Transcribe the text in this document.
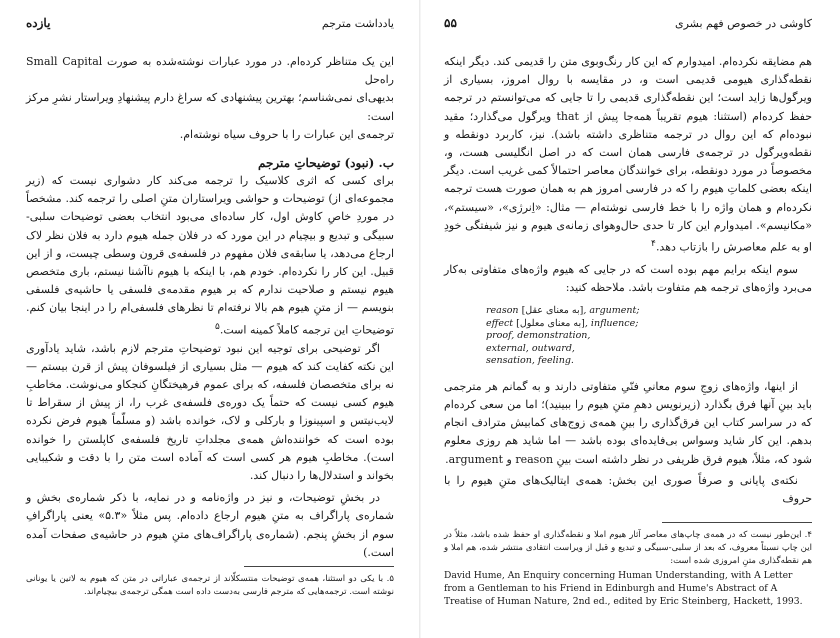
یادداشت مترجم
یازده

این یک متناظر کرده‌ام. در مورد عبارات نوشته‌شده به صورت Small Capital راه‌حل

بدیهی‌ای نمی‌شناسم؛ بهترین پیشنهادی که سراغ دارم پیشنهادِ ویراستار نشرِ مرکز است:

ترجمه‌ی این عبارات را با حروف سیاه نوشته‌ام.

ب. (نبود) توضیحاتِ مترجم

برای کسی که اثری کلاسیک را ترجمه می‌کند کار دشواری نیست که (زیر مجموعه‌ای از) توضیحات و حواشی ویراستاران متنِ اصلی را ترجمه کند. مشخصاً در موردِ خاصِ کاوش اول، کار ساده‌ای می‌بود انتخاب بعضی توضیحات سلبی-سبیگی و تبدیع و بیچیام در این مورد که در فلان جمله هیوم دارد به فلان نظر لاک ارجاع می‌دهد، یا سابقه‌ی فلان مفهوم در فلسفه‌ی قرون وسطی چیست، و از این قبیل. این کار را نکرده‌ام. خودم هم، با اینکه با هیوم ناآشنا نیستم، باری متخصص هیوم نیستم و صلاحیت ندارم که بر هیوم مقدمه‌ی فلسفی یا حاشیه‌ی فلسفی بنویسم — از متنِ هیوم هم بالا نرفته‌ام تا نظرهای فلسفی‌ام را در اینجا بیان کنم. توضیحاتِ این ترجمه کاملاً کمینه است.$^۵$

اگر توضیحی برای توجیه این نبود توضیحاتِ مترجم لازم باشد، شاید یادآوری این نکته کفایت کند که هیوم — مثل بسیاری از فیلسوفان پیش از قرن بیستم — نه برای متخصصان فلسفه، که برای عموم فرهیختگانِ کنجکاو می‌نوشت. مخاطبِ هیوم کسی نیست که حتماً یک دوره‌ی فلسفه‌ی غرب را، از پیش از سقراط تا لایب‌نیتس و اسپینوزا و بارکلی و لاک، خوانده باشد (و مسلّماً هیوم فرض نکرده بوده است که خواننده‌اش همه‌ی مجلداتِ تاریخ فلسفه‌ی کاپلستن را خوانده است). مخاطبِ هیوم هر کسی است که آماده است متن را با دقت و شکیبایی بخواند و استدلال‌ها را دنبال کند.

در بخشِ توضیحات، و نیز در واژه‌نامه و در نمایه، با ذکر شماره‌ی بخش و شماره‌ی پاراگراف به متنِ هیوم ارجاع داده‌ام. پس مثلاً «۵.۳» یعنی پاراگرافِ سوم از بخشِ پنجم. (شماره‌ی پاراگراف‌های متنِ هیوم در حاشیه‌ی صفحات آمده است.)

۵. با یکی دو استثنا، همه‌ی توضیحات منتسکلّاند از ترجمه‌ی عباراتی در متن که هیوم به لاتین یا یونانی نوشته است. ترجمه‌هایی که مترجم فارسی به‌دست داده است همگی ترجمه‌ی بیچیام‌اند.

کاوشی در خصوص فهم بشری
۵۵

هم مضایقه نکرده‌ام. امیدوارم که این کار رنگ‌وبوی متن را قدیمی کند. دیگر اینکه نقطه‌گذاری هیومی قدیمی است و، در مقایسه با روال امروز، بسیاری از ویرگول‌ها زاید است؛ این نقطه‌گذاری قدیمی را تا جایی که می‌توانستم در ترجمه حفظ کرده‌ام (استثنا: هیوم تقریباً همه‌جا پیش از that ویرگول می‌گذارد؛ مقید نبوده‌ام که این روال در ترجمه متناظری داشته باشد). نیز، کاربرد دونقطه و نقطه‌ویرگول در ترجمه‌ی فارسی همان است که در اصل انگلیسی هست، و، مخصوصاً در مورد دونقطه، برای خوانندگان معاصر احتمالاً کمی غریب است. دیگر اینکه بعضی کلماتِ هیوم را که در فارسی امروز هم به همان صورت هست ترجمه نکرده‌ام و همان واژه را با خط فارسی نوشته‌ام — مثال: «اِنرژی»، «سیستم»، «مکانیسم». امیدوارم این کار تا حدی حال‌وهوای زمانه‌ی هیوم و نیز شیفتگی خودِ او به علم معاصرش را بازتاب دهد.$^۴$

سوم اینکه برایم مهم بوده است که در جایی که هیوم واژه‌های متفاوتی به‌کار می‌برد واژه‌های ترجمه هم متفاوت باشد. ملاحظه کنید:

reason [به معنای عقل], argument;
effect [به معنای معلول], influence;
proof, demonstration,
external, outward,
sensation, feeling.

از اینها، واژه‌های زوجِ سوم معانیِ فنّیِ متفاوتی دارند و به گمانم هر مترجمی باید بینِ آنها فرق بگذارد (زیرنویس دهمِ متنِ هیوم را ببینید)؛ اما من سعی کرده‌ام که در سراسر کتاب این فرق‌گذاری را بینِ همه‌ی زوج‌های کمابیش مترادف انجام بدهم. این کار شاید وسواس بی‌فایده‌ای بوده باشد — اما شاید هم روزی معلوم شود که، مثلاً، هیوم فرق ظریفی در نظر داشته است بینِ reason و argument.

نکته‌ی پایانی و صرفاً صوری این بخش: همه‌ی ایتالیک‌های متنِ هیوم را با حروف

۴. این‌طور نیست که در همه‌ی چاپ‌های معاصر آثار هیوم املا و نقطه‌گذاری او حفظ شده باشد، مثلاً در این چاپ نسبتاً معروف، که بعد از سلبی-سبیگی و تبدیع و قبل از ویراست انتقادی منتشر شده، هم املا و هم نقطه‌گذاری متنِ امروزی شده است:

David Hume, An Enquiry concerning Human Understanding, with A Letter from a Gentleman to his Friend in Edinburgh and Hume's Abstract of A Treatise of Human Nature, 2nd ed., edited by Eric Steinberg, Hackett, 1993.
